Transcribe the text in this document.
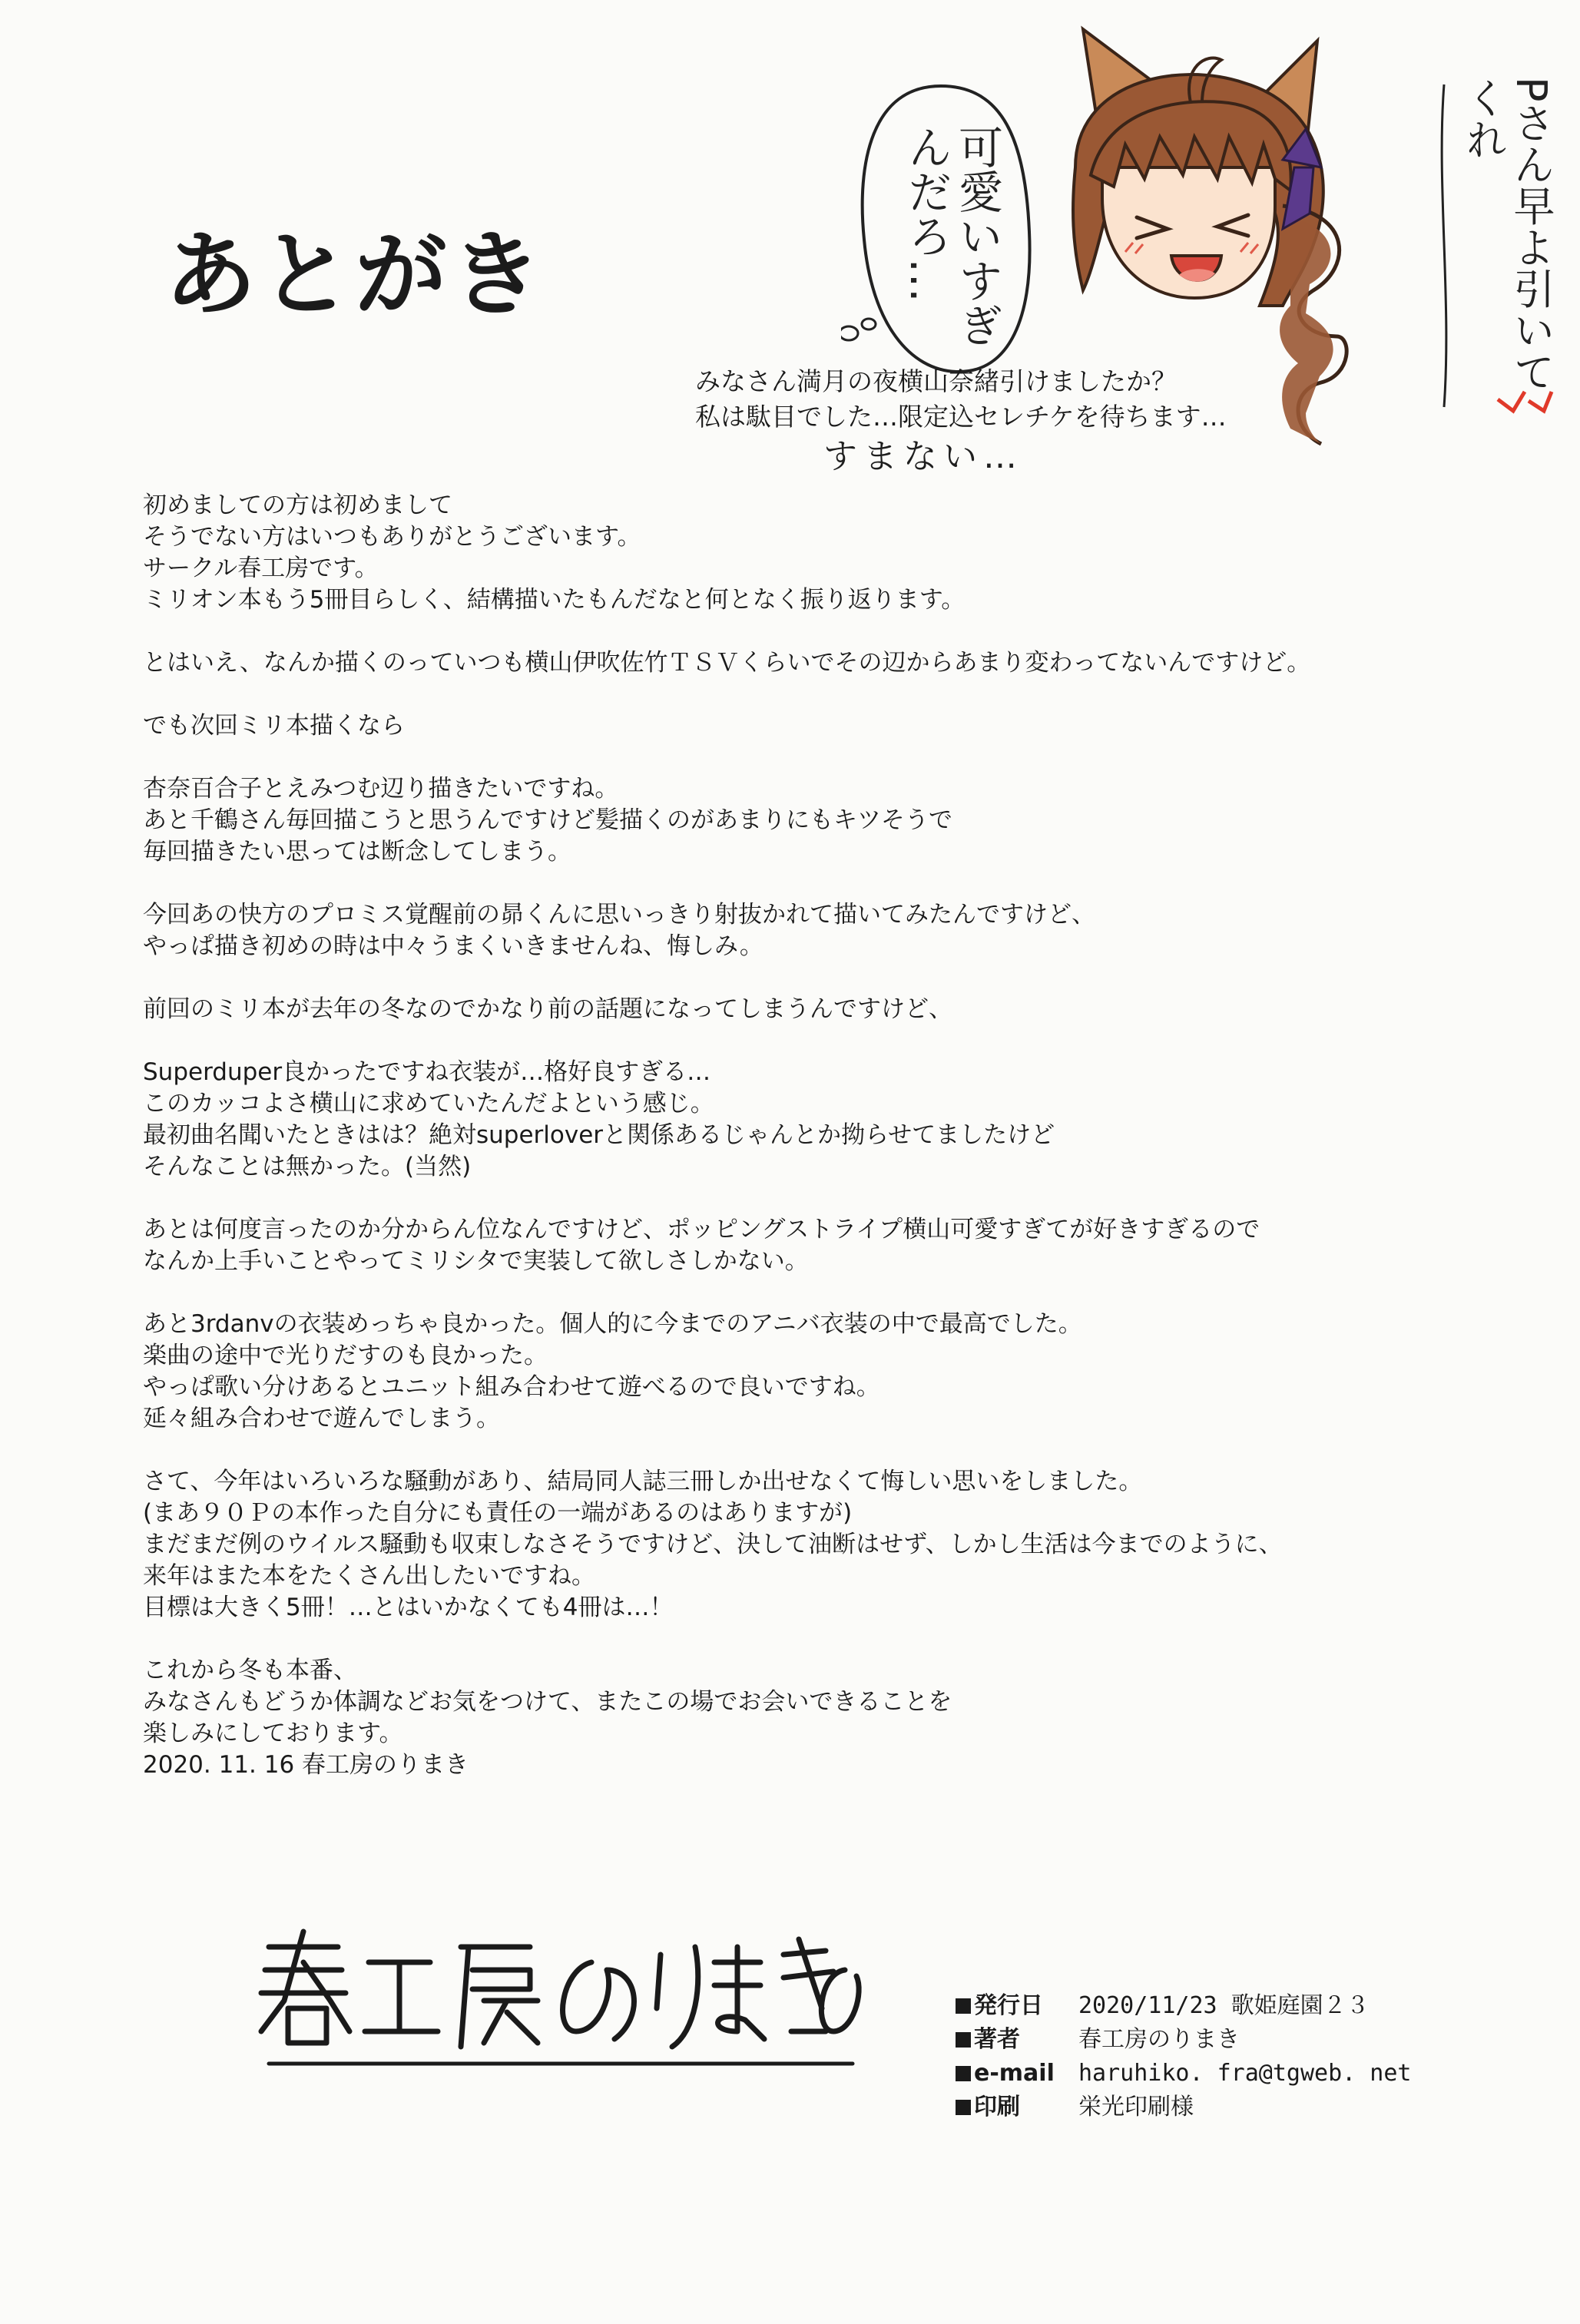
あとがき	可愛いすぎんだろ…	Pさん早よ引いてくれ
みなさん満月の夜横山奈緒引けましたか？
私は駄目でした…限定込セレチケを待ちます…
すまない…
初めましての方は初めまして
そうでない方はいつもありがとうございます。
サークル春工房です。
ミリオン本もう5冊目らしく、結構描いたもんだなと何となく振り返ります。
とはいえ、なんか描くのっていつも横山伊吹佐竹ＴＳＶくらいでその辺からあまり変わってないんですけど。
でも次回ミリ本描くなら
杏奈百合子とえみつむ辺り描きたいですね。
あと千鶴さん毎回描こうと思うんですけど髪描くのがあまりにもキツそうで
毎回描きたい思っては断念してしまう。
今回あの快方のプロミス覚醒前の昴くんに思いっきり射抜かれて描いてみたんですけど、
やっぱ描き初めの時は中々うまくいきませんね、悔しみ。
前回のミリ本が去年の冬なのでかなり前の話題になってしまうんですけど、
Superduper良かったですね衣装が…格好良すぎる…
このカッコよさ横山に求めていたんだよという感じ。
最初曲名聞いたときはは？絶対superloverと関係あるじゃんとか拗らせてましたけど
そんなことは無かった。(当然)
あとは何度言ったのか分からん位なんですけど、ポッピングストライプ横山可愛すぎてが好きすぎるので
なんか上手いことやってミリシタで実装して欲しさしかない。
あと3rdanvの衣装めっちゃ良かった。個人的に今までのアニバ衣装の中で最高でした。
楽曲の途中で光りだすのも良かった。
やっぱ歌い分けあるとユニット組み合わせて遊べるので良いですね。
延々組み合わせで遊んでしまう。
さて、今年はいろいろな騒動があり、結局同人誌三冊しか出せなくて悔しい思いをしました。
(まあ９０Ｐの本作った自分にも責任の一端があるのはありますが)
まだまだ例のウイルス騒動も収束しなさそうですけど、決して油断はせず、しかし生活は今までのように、
来年はまた本をたくさん出したいですね。
目標は大きく5冊！…とはいかなくても4冊は…！
これから冬も本番、
みなさんもどうか体調などお気をつけて、またこの場でお会いできることを
楽しみにしております。
2020. 11. 16 春工房のりまき
発行日	2020/11/23 歌姫庭園２３
著者	春工房のりまき
e-mail	haruhiko. fra@tgweb. net
印刷	栄光印刷様
